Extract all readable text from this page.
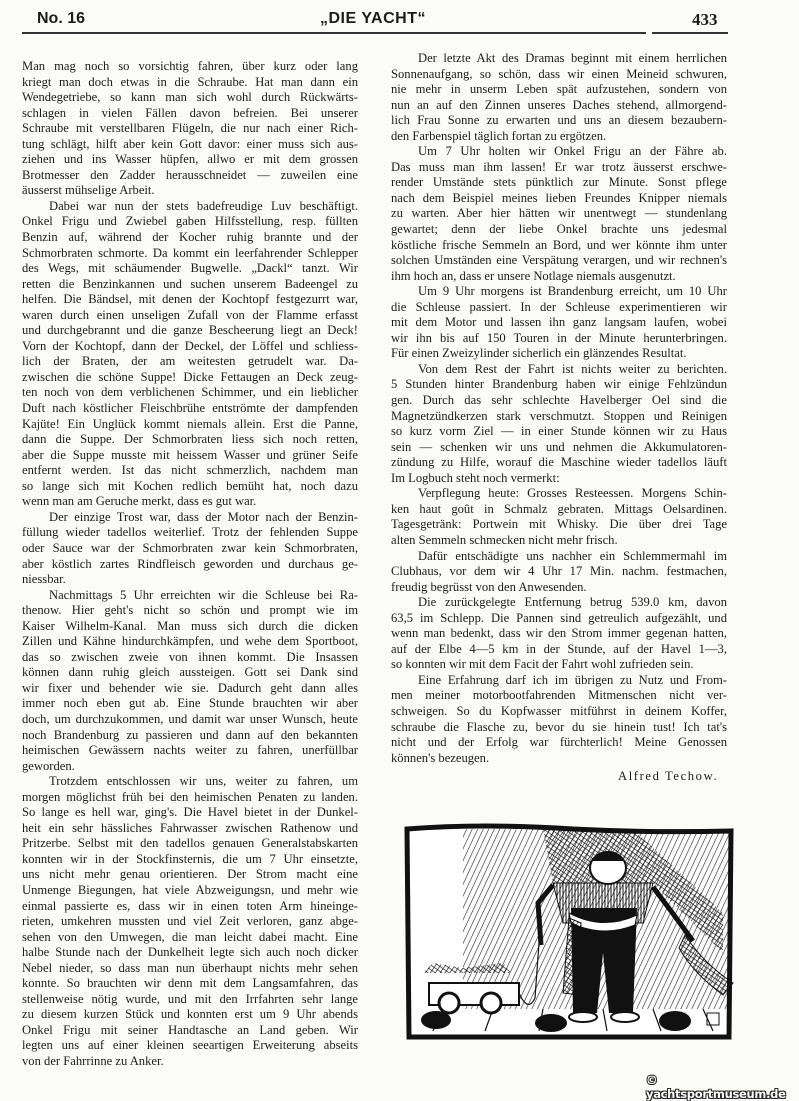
No. 16	„DIE YACHT“	433
Man mag noch so vorsichtig fahren, über kurz oder lang
kriegt man doch etwas in die Schraube. Hat man dann ein
Wendegetriebe, so kann man sich wohl durch Rückwärts-
schlagen in vielen Fällen davon befreien. Bei unserer
Schraube mit verstellbaren Flügeln, die nur nach einer Rich-
tung schlägt, hilft aber kein Gott davor: einer muss sich aus-
ziehen und ins Wasser hüpfen, allwo er mit dem grossen
Brotmesser den Zadder herausschneidet — zuweilen eine
äusserst mühselige Arbeit.
Dabei war nun der stets badefreudige Luv beschäftigt.
Onkel Frigu und Zwiebel gaben Hilfsstellung, resp. füllten
Benzin auf, während der Kocher ruhig brannte und der
Schmorbraten schmorte. Da kommt ein leerfahrender Schlepper
des Wegs, mit schäumender Bugwelle. „Dackl“ tanzt. Wir
retten die Benzinkannen und suchen unserem Badeengel zu
helfen. Die Bändsel, mit denen der Kochtopf festgezurrt war,
waren durch einen unseligen Zufall von der Flamme erfasst
und durchgebrannt und die ganze Bescheerung liegt an Deck!
Vorn der Kochtopf, dann der Deckel, der Löffel und schliess-
lich der Braten, der am weitesten getrudelt war. Da-
zwischen die schöne Suppe! Dicke Fettaugen an Deck zeug-
ten noch von dem verblichenen Schimmer, und ein lieblicher
Duft nach köstlicher Fleischbrühe entströmte der dampfenden
Kajüte! Ein Unglück kommt niemals allein. Erst die Panne,
dann die Suppe. Der Schmorbraten liess sich noch retten,
aber die Suppe musste mit heissem Wasser und grüner Seife
entfernt werden. Ist das nicht schmerzlich, nachdem man
so lange sich mit Kochen redlich bemüht hat, noch dazu
wenn man am Geruche merkt, dass es gut war.
Der einzige Trost war, dass der Motor nach der Benzin-
füllung wieder tadellos weiterlief. Trotz der fehlenden Suppe
oder Sauce war der Schmorbraten zwar kein Schmorbraten,
aber köstlich zartes Rindfleisch geworden und durchaus ge-
niessbar.
Nachmittags 5 Uhr erreichten wir die Schleuse bei Ra-
thenow. Hier geht's nicht so schön und prompt wie im
Kaiser Wilhelm-Kanal. Man muss sich durch die dicken
Zillen und Kähne hindurchkämpfen, und wehe dem Sportboot,
das so zwischen zweie von ihnen kommt. Die Insassen
können dann ruhig gleich aussteigen. Gott sei Dank sind
wir fixer und behender wie sie. Dadurch geht dann alles
immer noch eben gut ab. Eine Stunde brauchten wir aber
doch, um durchzukommen, und damit war unser Wunsch, heute
noch Brandenburg zu passieren und dann auf den bekannten
heimischen Gewässern nachts weiter zu fahren, unerfüllbar
geworden.
Trotzdem entschlossen wir uns, weiter zu fahren, um
morgen möglichst früh bei den heimischen Penaten zu landen.
So lange es hell war, ging's. Die Havel bietet in der Dunkel-
heit ein sehr hässliches Fahrwasser zwischen Rathenow und
Pritzerbe. Selbst mit den tadellos genauen Generalstabskarten
konnten wir in der Stockfinsternis, die um 7 Uhr einsetzte,
uns nicht mehr genau orientieren. Der Strom macht eine
Unmenge Biegungen, hat viele Abzweigungsn, und mehr wie
einmal passierte es, dass wir in einen toten Arm hineinge-
rieten, umkehren mussten und viel Zeit verloren, ganz abge-
sehen von den Umwegen, die man leicht dabei macht. Eine
halbe Stunde nach der Dunkelheit legte sich auch noch dicker
Nebel nieder, so dass man nun überhaupt nichts mehr sehen
konnte. So brauchten wir denn mit dem Langsamfahren, das
stellenweise nötig wurde, und mit den Irrfahrten sehr lange
zu diesem kurzen Stück und konnten erst um 9 Uhr abends
Onkel Frigu mit seiner Handtasche an Land geben. Wir
legten uns auf einer kleinen seeartigen Erweiterung abseits
von der Fahrrinne zu Anker.
Der letzte Akt des Dramas beginnt mit einem herrlichen
Sonnenaufgang, so schön, dass wir einen Meineid schwuren,
nie mehr in unserm Leben spät aufzustehen, sondern von
nun an auf den Zinnen unseres Daches stehend, allmorgend-
lich Frau Sonne zu erwarten und uns an diesem bezaubern-
den Farbenspiel täglich fortan zu ergötzen.
Um 7 Uhr holten wir Onkel Frigu an der Fähre ab.
Das muss man ihm lassen! Er war trotz äusserst erschwe-
render Umstände stets pünktlich zur Minute. Sonst pflege
nach dem Beispiel meines lieben Freundes Knipper niemals
zu warten. Aber hier hätten wir unentwegt — stundenlang
gewartet; denn der liebe Onkel brachte uns jedesmal
köstliche frische Semmeln an Bord, und wer könnte ihm unter
solchen Umständen eine Verspätung verargen, und wir rechnen's
ihm hoch an, dass er unsere Notlage niemals ausgenutzt.
Um 9 Uhr morgens ist Brandenburg erreicht, um 10 Uhr
die Schleuse passiert. In der Schleuse experimentieren wir
mit dem Motor und lassen ihn ganz langsam laufen, wobei
wir ihn bis auf 150 Touren in der Minute herunterbringen.
Für einen Zweizylinder sicherlich ein glänzendes Resultat.
Von dem Rest der Fahrt ist nichts weiter zu berichten.
5 Stunden hinter Brandenburg haben wir einige Fehlzündun
gen. Durch das sehr schlechte Havelberger Oel sind die
Magnetzündkerzen stark verschmutzt. Stoppen und Reinigen
so kurz vorm Ziel — in einer Stunde können wir zu Haus
sein — schenken wir uns und nehmen die Akkumulatoren-
zündung zu Hilfe, worauf die Maschine wieder tadellos läuft
Im Logbuch steht noch vermerkt:
Verpflegung heute: Grosses Resteessen. Morgens Schin-
ken haut goût in Schmalz gebraten. Mittags Oelsardinen.
Tagesgetränk: Portwein mit Whisky. Die über drei Tage
alten Semmeln schmecken nicht mehr frisch.
Dafür entschädigte uns nachher ein Schlemmermahl im
Clubhaus, vor dem wir 4 Uhr 17 Min. nachm. festmachen,
freudig begrüsst von den Anwesenden.
Die zurückgelegte Entfernung betrug 539.0 km, davon
63,5 im Schlepp. Die Pannen sind getreulich aufgezählt, und
wenn man bedenkt, dass wir den Strom immer gegenan hatten,
auf der Elbe 4—5 km in der Stunde, auf der Havel 1—3,
so konnten wir mit dem Facit der Fahrt wohl zufrieden sein.
Eine Erfahrung darf ich im übrigen zu Nutz und From-
men meiner motorbootfahrenden Mitmenschen nicht ver-
schweigen. So du Kopfwasser mitführst in deinem Koffer,
schraube die Flasche zu, bevor du sie hinein tust! Ich tat's
nicht und der Erfolg war fürchterlich! Meine Genossen
können's bezeugen.
Alfred Techow.
© yachtsportmuseum.de
